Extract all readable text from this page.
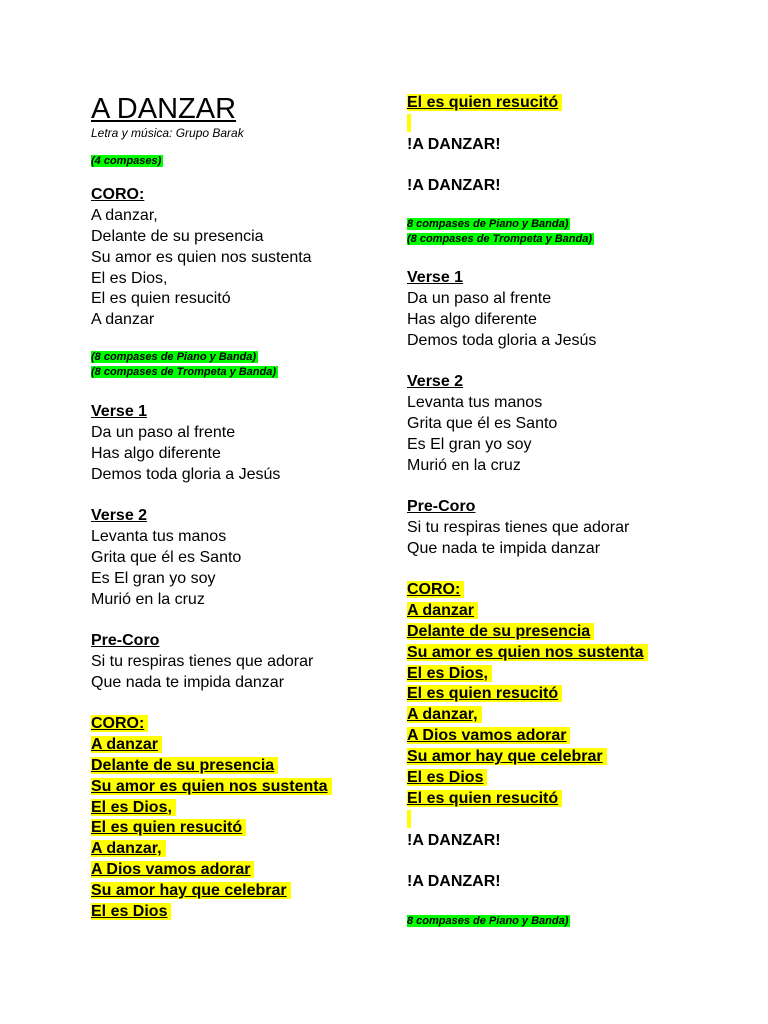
A DANZAR
Letra y música: Grupo Barak
(4 compases)
CORO:
A danzar,
Delante de su presencia
Su amor es quien nos sustenta
El es Dios,
El es quien resucitó
A danzar
(8 compases de Piano y Banda)
(8 compases de Trompeta y Banda)
Verse 1
Da un paso al frente
Has algo diferente
Demos toda gloria a Jesús
Verse 2
Levanta tus manos
Grita que él es Santo
Es El gran yo soy
Murió en la cruz
Pre-Coro
Si tu respiras tienes que adorar
Que nada te impida danzar
CORO:
A danzar
Delante de su presencia
Su amor es quien nos sustenta
El es Dios,
El es quien resucitó
A danzar,
A Dios vamos adorar
Su amor hay que celebrar
El es Dios
El es quien resucitó
!A DANZAR!
!A DANZAR!
8 compases de Piano y Banda)
(8 compases de Trompeta y Banda)
Verse 1
Da un paso al frente
Has algo diferente
Demos toda gloria a Jesús
Verse 2
Levanta tus manos
Grita que él es Santo
Es El gran yo soy
Murió en la cruz
Pre-Coro
Si tu respiras tienes que adorar
Que nada te impida danzar
CORO:
A danzar
Delante de su presencia
Su amor es quien nos sustenta
El es Dios,
El es quien resucitó
A danzar,
A Dios vamos adorar
Su amor hay que celebrar
El es Dios
El es quien resucitó
!A DANZAR!
!A DANZAR!
8 compases de Piano y Banda)
